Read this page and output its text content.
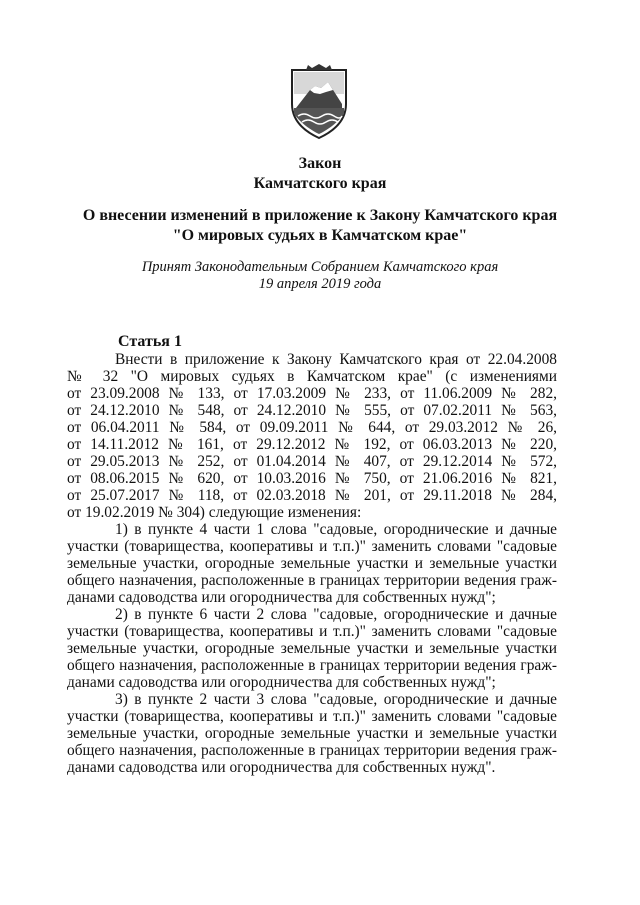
Закон
Камчатского края
О внесении изменений в приложение к Закону Камчатского края
"О мировых судьях в Камчатском крае"
Принят Законодательным Собранием Камчатского края
19 апреля 2019 года
Статья 1
Внести в приложение к Закону Камчатского края от 22.04.2008
№ 32 "О мировых судьях в Камчатском крае" (с изменениями
от 23.09.2008 № 133, от 17.03.2009 № 233, от 11.06.2009 № 282,
от 24.12.2010 № 548, от 24.12.2010 № 555, от 07.02.2011 № 563,
от 06.04.2011 № 584, от 09.09.2011 № 644, от 29.03.2012 № 26,
от 14.11.2012 № 161, от 29.12.2012 № 192, от 06.03.2013 № 220,
от 29.05.2013 № 252, от 01.04.2014 № 407, от 29.12.2014 № 572,
от 08.06.2015 № 620, от 10.03.2016 № 750, от 21.06.2016 № 821,
от 25.07.2017 № 118, от 02.03.2018 № 201, от 29.11.2018 № 284,
от 19.02.2019 № 304) следующие изменения:
1) в пункте 4 части 1 слова "садовые, огороднические и дачные
участки (товарищества, кооперативы и т.п.)" заменить словами "садовые
земельные участки, огородные земельные участки и земельные участки
общего назначения, расположенные в границах территории ведения граж-
данами садоводства или огородничества для собственных нужд";
2) в пункте 6 части 2 слова "садовые, огороднические и дачные
участки (товарищества, кооперативы и т.п.)" заменить словами "садовые
земельные участки, огородные земельные участки и земельные участки
общего назначения, расположенные в границах территории ведения граж-
данами садоводства или огородничества для собственных нужд";
3) в пункте 2 части 3 слова "садовые, огороднические и дачные
участки (товарищества, кооперативы и т.п.)" заменить словами "садовые
земельные участки, огородные земельные участки и земельные участки
общего назначения, расположенные в границах территории ведения граж-
данами садоводства или огородничества для собственных нужд".
